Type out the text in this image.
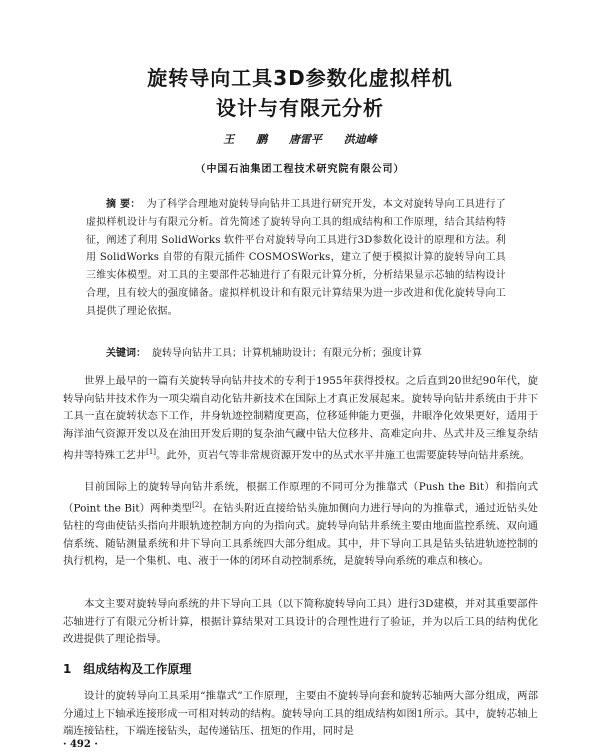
旋转导向工具3D参数化虚拟样机
设计与有限元分析
王 鹏 唐雷平 洪迪峰
（中国石油集团工程技术研究院有限公司）
摘 要： 为了科学合理地对旋转导向钻井工具进行研究开发，本文对旋转导向工具进行了虚拟样机设计与有限元分析。首先简述了旋转导向工具的组成结构和工作原理，结合其结构特征，阐述了利用 SolidWorks 软件平台对旋转导向工具进行3D参数化设计的原理和方法。利用 SolidWorks 自带的有限元插件 COSMOSWorks，建立了便于模拟计算的旋转导向工具三维实体模型。对工具的主要部件芯轴进行了有限元计算分析，分析结果显示芯轴的结构设计合理，且有较大的强度储备。虚拟样机设计和有限元计算结果为进一步改进和优化旋转导向工具提供了理论依据。
关键词： 旋转导向钻井工具；计算机辅助设计；有限元分析；强度计算

世界上最早的一篇有关旋转导向钻井技术的专利于1955年获得授权。之后直到20世纪90年代，旋转导向钻井技术作为一项尖端自动化钻井新技术在国际上才真正发展起来。旋转导向钻井系统由于井下工具一直在旋转状态下工作，井身轨迹控制精度更高，位移延伸能力更强，井眼净化效果更好，适用于海洋油气资源开发以及在油田开发后期的复杂油气藏中钻大位移井、高难定向井、丛式井及三维复杂结构井等特殊工艺井[1]。此外，页岩气等非常规资源开发中的丛式水平井施工也需要旋转导向钻井系统。

目前国际上的旋转导向钻井系统，根据工作原理的不同可分为推靠式（Push the Bit）和指向式（Point the Bit）两种类型[2]。在钻头附近直接给钻头施加侧向力进行导向的为推靠式，通过近钻头处钻柱的弯曲使钻头指向井眼轨迹控制方向的为指向式。旋转导向钻井系统主要由地面监控系统、双向通信系统、随钻测量系统和井下导向工具系统四大部分组成。其中，井下导向工具是钻头钻进轨迹控制的执行机构，是一个集机、电、液于一体的闭环自动控制系统，是旋转导向系统的难点和核心。

本文主要对旋转导向系统的井下导向工具（以下简称旋转导向工具）进行3D建模，并对其重要部件芯轴进行了有限元分析计算，根据计算结果对工具设计的合理性进行了验证，并为以后工具的结构优化改进提供了理论指导。

1 组成结构及工作原理

设计的旋转导向工具采用“推靠式”工作原理，主要由不旋转导向套和旋转芯轴两大部分组成，两部分通过上下轴承连接形成一可相对转动的结构。旋转导向工具的组成结构如图1所示。其中，旋转芯轴上端连接钻柱，下端连接钻头，起传递钻压、扭矩的作用，同时是

· 492 ·
